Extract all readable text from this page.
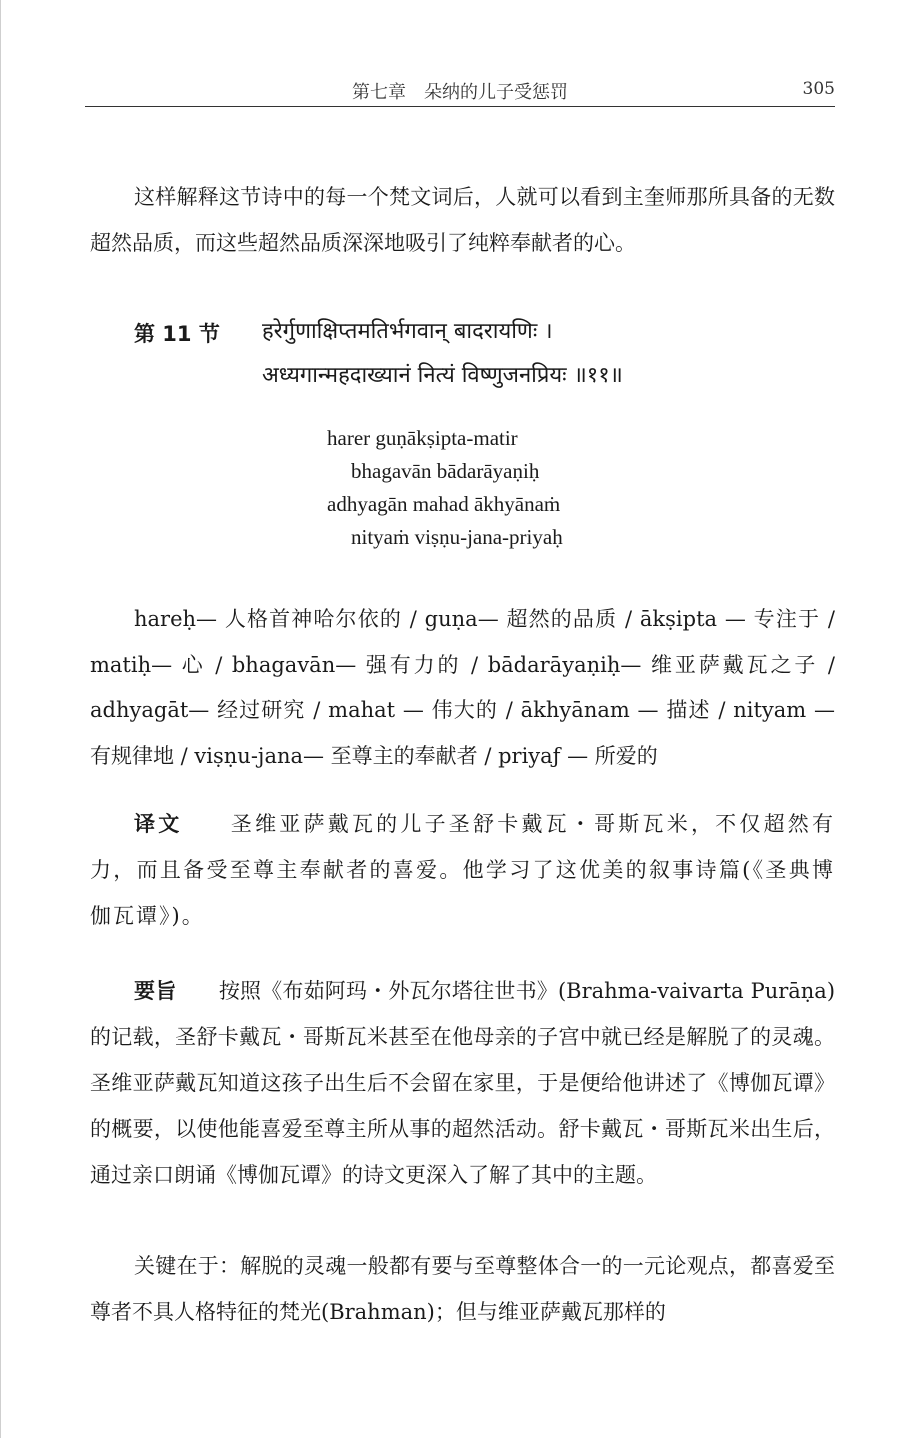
第七章　朵纳的儿子受惩罚	305
这样解释这节诗中的每一个梵文词后，人就可以看到主奎师那所具备的无数超然品质，而这些超然品质深深地吸引了纯粹奉献者的心。
第 11 节 हरेर्गुणाक्षिप्तमतिर्भगवान् बादरायणिः ।
अध्यगान्महदाख्यानं नित्यं विष्णुजनप्रियः ॥११॥
harer guṇākṣipta-matir
bhagavān bādarāyaṇiḥ
adhyagān mahad ākhyānaṁ
nityaṁ viṣṇu-jana-priyaḥ
hareḥ— 人格首神哈尔依的 / guṇa— 超然的品质 / ākṣipta — 专注于 / matiḥ— 心 / bhagavān— 强有力的 / bādarāyaṇiḥ— 维亚萨戴瓦之子 / adhyagāt— 经过研究 / mahat — 伟大的 / ākhyānam — 描述 / nityam — 有规律地 / viṣṇu-jana— 至尊主的奉献者 / priyaƒ — 所爱的
译文　　 圣维亚萨戴瓦的儿子圣舒卡戴瓦・哥斯瓦米，不仅超然有力，而且备受至尊主奉献者的喜爱。他学习了这优美的叙事诗篇(《圣典博伽瓦谭》)。
要旨　　 按照《布茹阿玛・外瓦尔塔往世书》(Brahma-vaivarta Purāṇa)的记载，圣舒卡戴瓦・哥斯瓦米甚至在他母亲的子宫中就已经是解脱了的灵魂。圣维亚萨戴瓦知道这孩子出生后不会留在家里，于是便给他讲述了《博伽瓦谭》的概要，以使他能喜爱至尊主所从事的超然活动。舒卡戴瓦・哥斯瓦米出生后，通过亲口朗诵《博伽瓦谭》的诗文更深入了解了其中的主题。
关键在于：解脱的灵魂一般都有要与至尊整体合一的一元论观点，都喜爱至尊者不具人格特征的梵光(Brahman)；但与维亚萨戴瓦那样的
